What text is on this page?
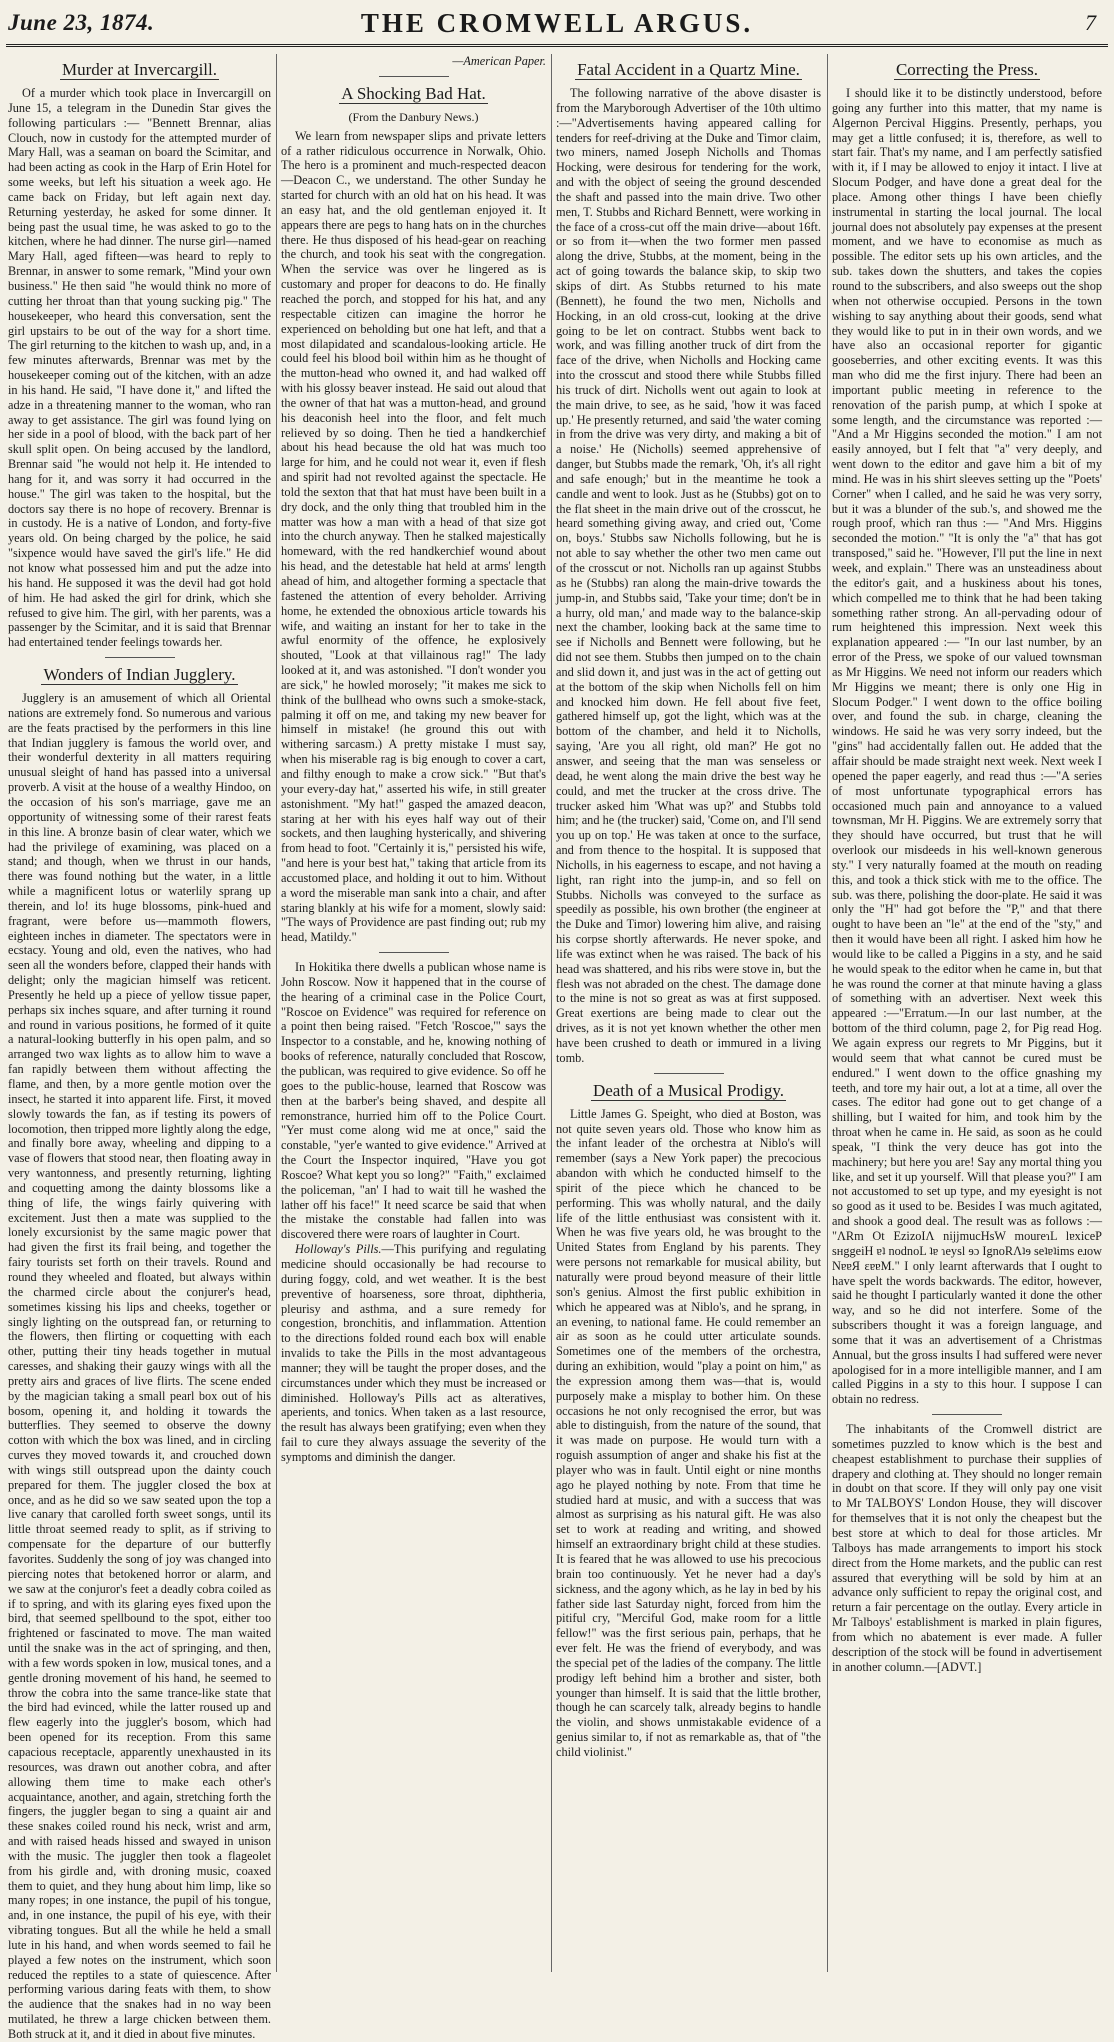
June 23, 1874.	THE CROMWELL ARGUS.	7
Murder at Invercargill.

Of a murder which took place in Invercargill on June 15, a telegram in the Dunedin Star gives the following particulars :— "Bennett Brennar, alias Clouch, now in custody for the attempted murder of Mary Hall, was a seaman on board the Scimitar, and had been acting as cook in the Harp of Erin Hotel for some weeks, but left his situation a week ago. He came back on Friday, but left again next day. Returning yesterday, he asked for some dinner. It being past the usual time, he was asked to go to the kitchen, where he had dinner. The nurse girl—named Mary Hall, aged fifteen—was heard to reply to Brennar, in answer to some remark, "Mind your own business." He then said "he would think no more of cutting her throat than that young sucking pig." The housekeeper, who heard this conversation, sent the girl upstairs to be out of the way for a short time. The girl returning to the kitchen to wash up, and, in a few minutes afterwards, Brennar was met by the housekeeper coming out of the kitchen, with an adze in his hand. He said, "I have done it," and lifted the adze in a threatening manner to the woman, who ran away to get assistance. The girl was found lying on her side in a pool of blood, with the back part of her skull split open. On being accused by the landlord, Brennar said "he would not help it. He intended to hang for it, and was sorry it had occurred in the house." The girl was taken to the hospital, but the doctors say there is no hope of recovery. Brennar is in custody. He is a native of London, and forty-five years old. On being charged by the police, he said "sixpence would have saved the girl's life." He did not know what possessed him and put the adze into his hand. He supposed it was the devil had got hold of him. He had asked the girl for drink, which she refused to give him. The girl, with her parents, was a passenger by the Scimitar, and it is said that Brennar had entertained tender feelings towards her.

Wonders of Indian Jugglery.

Jugglery is an amusement of which all Oriental nations are extremely fond. So numerous and various are the feats practised by the performers in this line that Indian jugglery is famous the world over, and their wonderful dexterity in all matters requiring unusual sleight of hand has passed into a universal proverb. A visit at the house of a wealthy Hindoo, on the occasion of his son's marriage, gave me an opportunity of witnessing some of their rarest feats in this line. A bronze basin of clear water, which we had the privilege of examining, was placed on a stand; and though, when we thrust in our hands, there was found nothing but the water, in a little while a magnificent lotus or waterlily sprang up therein, and lo! its huge blossoms, pink-hued and fragrant, were before us—mammoth flowers, eighteen inches in diameter. The spectators were in ecstacy. Young and old, even the natives, who had seen all the wonders before, clapped their hands with delight; only the magician himself was reticent. Presently he held up a piece of yellow tissue paper, perhaps six inches square, and after turning it round and round in various positions, he formed of it quite a natural-looking butterfly in his open palm, and so arranged two wax lights as to allow him to wave a fan rapidly between them without affecting the flame, and then, by a more gentle motion over the insect, he started it into apparent life. First, it moved slowly towards the fan, as if testing its powers of locomotion, then tripped more lightly along the edge, and finally bore away, wheeling and dipping to a vase of flowers that stood near, then floating away in very wantonness, and presently returning, lighting and coquetting among the dainty blossoms like a thing of life, the wings fairly quivering with excitement. Just then a mate was supplied to the lonely excursionist by the same magic power that had given the first its frail being, and together the fairy tourists set forth on their travels. Round and round they wheeled and floated, but always within the charmed circle about the conjurer's head, sometimes kissing his lips and cheeks, together or singly lighting on the outspread fan, or returning to the flowers, then flirting or coquetting with each other, putting their tiny heads together in mutual caresses, and shaking their gauzy wings with all the pretty airs and graces of live flirts. The scene ended by the magician taking a small pearl box out of his bosom, opening it, and holding it towards the butterflies. They seemed to observe the downy cotton with which the box was lined, and in circling curves they moved towards it, and crouched down with wings still outspread upon the dainty couch prepared for them. The juggler closed the box at once, and as he did so we saw seated upon the top a live canary that carolled forth sweet songs, until its little throat seemed ready to split, as if striving to compensate for the departure of our butterfly favorites. Suddenly the song of joy was changed into piercing notes that betokened horror or alarm, and we saw at the conjuror's feet a deadly cobra coiled as if to spring, and with its glaring eyes fixed upon the bird, that seemed spellbound to the spot, either too frightened or fascinated to move. The man waited until the snake was in the act of springing, and then, with a few words spoken in low, musical tones, and a gentle droning movement of his hand, he seemed to throw the cobra into the same trance-like state that the bird had evinced, while the latter roused up and flew eagerly into the juggler's bosom, which had been opened for its reception. From this same capacious receptacle, apparently unexhausted in its resources, was drawn out another cobra, and after allowing them time to make each other's acquaintance, another, and again, stretching forth the fingers, the juggler began to sing a quaint air and these snakes coiled round his neck, wrist and arm, and with raised heads hissed and swayed in unison with the music. The juggler then took a flageolet from his girdle and, with droning music, coaxed them to quiet, and they hung about him limp, like so many ropes; in one instance, the pupil of his tongue, and, in one instance, the pupil of his eye, with their vibrating tongues. But all the while he held a small lute in his hand, and when words seemed to fail he played a few notes on the instrument, which soon reduced the reptiles to a state of quiescence. After performing various daring feats with them, to show the audience that the snakes had in no way been mutilated, he threw a large chicken between them. Both struck at it, and it died in about five minutes.

—American Paper.

A Shocking Bad Hat.

(From the Danbury News.)

We learn from newspaper slips and private letters of a rather ridiculous occurrence in Norwalk, Ohio. The hero is a prominent and much-respected deacon—Deacon C., we understand. The other Sunday he started for church with an old hat on his head. It was an easy hat, and the old gentleman enjoyed it. It appears there are pegs to hang hats on in the churches there. He thus disposed of his head-gear on reaching the church, and took his seat with the congregation. When the service was over he lingered as is customary and proper for deacons to do. He finally reached the porch, and stopped for his hat, and any respectable citizen can imagine the horror he experienced on beholding but one hat left, and that a most dilapidated and scandalous-looking article. He could feel his blood boil within him as he thought of the mutton-head who owned it, and had walked off with his glossy beaver instead. He said out aloud that the owner of that hat was a mutton-head, and ground his deaconish heel into the floor, and felt much relieved by so doing. Then he tied a handkerchief about his head because the old hat was much too large for him, and he could not wear it, even if flesh and spirit had not revolted against the spectacle. He told the sexton that that hat must have been built in a dry dock, and the only thing that troubled him in the matter was how a man with a head of that size got into the church anyway. Then he stalked majestically homeward, with the red handkerchief wound about his head, and the detestable hat held at arms' length ahead of him, and altogether forming a spectacle that fastened the attention of every beholder. Arriving home, he extended the obnoxious article towards his wife, and waiting an instant for her to take in the awful enormity of the offence, he explosively shouted, "Look at that villainous rag!" The lady looked at it, and was astonished. "I don't wonder you are sick," he howled morosely; "it makes me sick to think of the bullhead who owns such a smoke-stack, palming it off on me, and taking my new beaver for himself in mistake! (he ground this out with withering sarcasm.) A pretty mistake I must say, when his miserable rag is big enough to cover a cart, and filthy enough to make a crow sick." "But that's your every-day hat," asserted his wife, in still greater astonishment. "My hat!" gasped the amazed deacon, staring at her with his eyes half way out of their sockets, and then laughing hysterically, and shivering from head to foot. "Certainly it is," persisted his wife, "and here is your best hat," taking that article from its accustomed place, and holding it out to him. Without a word the miserable man sank into a chair, and after staring blankly at his wife for a moment, slowly said: "The ways of Providence are past finding out; rub my head, Matildy."

In Hokitika there dwells a publican whose name is John Roscow. Now it happened that in the course of the hearing of a criminal case in the Police Court, "Roscoe on Evidence" was required for reference on a point then being raised. "Fetch 'Roscoe,'" says the Inspector to a constable, and he, knowing nothing of books of reference, naturally concluded that Roscow, the publican, was required to give evidence. So off he goes to the public-house, learned that Roscow was then at the barber's being shaved, and despite all remonstrance, hurried him off to the Police Court. "Yer must come along wid me at once," said the constable, "yer'e wanted to give evidence." Arrived at the Court the Inspector inquired, "Have you got Roscoe? What kept you so long?" "Faith," exclaimed the policeman, "an' I had to wait till he washed the lather off his face!" It need scarce be said that when the mistake the constable had fallen into was discovered there were roars of laughter in Court.

Holloway's Pills.—This purifying and regulating medicine should occasionally be had recourse to during foggy, cold, and wet weather. It is the best preventive of hoarseness, sore throat, diphtheria, pleurisy and asthma, and a sure remedy for congestion, bronchitis, and inflammation. Attention to the directions folded round each box will enable invalids to take the Pills in the most advantageous manner; they will be taught the proper doses, and the circumstances under which they must be increased or diminished. Holloway's Pills act as alteratives, aperients, and tonics. When taken as a last resource, the result has always been gratifying; even when they fail to cure they always assuage the severity of the symptoms and diminish the danger.

Fatal Accident in a Quartz Mine.

The following narrative of the above disaster is from the Maryborough Advertiser of the 10th ultimo :—"Advertisements having appeared calling for tenders for reef-driving at the Duke and Timor claim, two miners, named Joseph Nicholls and Thomas Hocking, were desirous for tendering for the work, and with the object of seeing the ground descended the shaft and passed into the main drive. Two other men, T. Stubbs and Richard Bennett, were working in the face of a cross-cut off the main drive—about 16ft. or so from it—when the two former men passed along the drive, Stubbs, at the moment, being in the act of going towards the balance skip, to skip two skips of dirt. As Stubbs returned to his mate (Bennett), he found the two men, Nicholls and Hocking, in an old cross-cut, looking at the drive going to be let on contract. Stubbs went back to work, and was filling another truck of dirt from the face of the drive, when Nicholls and Hocking came into the crosscut and stood there while Stubbs filled his truck of dirt. Nicholls went out again to look at the main drive, to see, as he said, 'how it was faced up.' He presently returned, and said 'the water coming in from the drive was very dirty, and making a bit of a noise.' He (Nicholls) seemed apprehensive of danger, but Stubbs made the remark, 'Oh, it's all right and safe enough;' but in the meantime he took a candle and went to look. Just as he (Stubbs) got on to the flat sheet in the main drive out of the crosscut, he heard something giving away, and cried out, 'Come on, boys.' Stubbs saw Nicholls following, but he is not able to say whether the other two men came out of the crosscut or not. Nicholls ran up against Stubbs as he (Stubbs) ran along the main-drive towards the jump-in, and Stubbs said, 'Take your time; don't be in a hurry, old man,' and made way to the balance-skip next the chamber, looking back at the same time to see if Nicholls and Bennett were following, but he did not see them. Stubbs then jumped on to the chain and slid down it, and just was in the act of getting out at the bottom of the skip when Nicholls fell on him and knocked him down. He fell about five feet, gathered himself up, got the light, which was at the bottom of the chamber, and held it to Nicholls, saying, 'Are you all right, old man?' He got no answer, and seeing that the man was senseless or dead, he went along the main drive the best way he could, and met the trucker at the cross drive. The trucker asked him 'What was up?' and Stubbs told him; and he (the trucker) said, 'Come on, and I'll send you up on top.' He was taken at once to the surface, and from thence to the hospital. It is supposed that Nicholls, in his eagerness to escape, and not having a light, ran right into the jump-in, and so fell on Stubbs. Nicholls was conveyed to the surface as speedily as possible, his own brother (the engineer at the Duke and Timor) lowering him alive, and raising his corpse shortly afterwards. He never spoke, and life was extinct when he was raised. The back of his head was shattered, and his ribs were stove in, but the flesh was not abraded on the chest. The damage done to the mine is not so great as was at first supposed. Great exertions are being made to clear out the drives, as it is not yet known whether the other men have been crushed to death or immured in a living tomb.

Death of a Musical Prodigy.

Little James G. Speight, who died at Boston, was not quite seven years old. Those who know him as the infant leader of the orchestra at Niblo's will remember (says a New York paper) the precocious abandon with which he conducted himself to the spirit of the piece which he chanced to be performing. This was wholly natural, and the daily life of the little enthusiast was consistent with it. When he was five years old, he was brought to the United States from England by his parents. They were persons not remarkable for musical ability, but naturally were proud beyond measure of their little son's genius. Almost the first public exhibition in which he appeared was at Niblo's, and he sprang, in an evening, to national fame. He could remember an air as soon as he could utter articulate sounds. Sometimes one of the members of the orchestra, during an exhibition, would "play a point on him," as the expression among them was—that is, would purposely make a misplay to bother him. On these occasions he not only recognised the error, but was able to distinguish, from the nature of the sound, that it was made on purpose. He would turn with a roguish assumption of anger and shake his fist at the player who was in fault. Until eight or nine months ago he played nothing by note. From that time he studied hard at music, and with a success that was almost as surprising as his natural gift. He was also set to work at reading and writing, and showed himself an extraordinary bright child at these studies. It is feared that he was allowed to use his precocious brain too continuously. Yet he never had a day's sickness, and the agony which, as he lay in bed by his father side last Saturday night, forced from him the pitiful cry, "Merciful God, make room for a little fellow!" was the first serious pain, perhaps, that he ever felt. He was the friend of everybody, and was the special pet of the ladies of the company. The little prodigy left behind him a brother and sister, both younger than himself. It is said that the little brother, though he can scarcely talk, already begins to handle the violin, and shows unmistakable evidence of a genius similar to, if not as remarkable as, that of "the child violinist."

Correcting the Press.

I should like it to be distinctly understood, before going any further into this matter, that my name is Algernon Percival Higgins. Presently, perhaps, you may get a little confused; it is, therefore, as well to start fair. That's my name, and I am perfectly satisfied with it, if I may be allowed to enjoy it intact. I live at Slocum Podger, and have done a great deal for the place. Among other things I have been chiefly instrumental in starting the local journal. The local journal does not absolutely pay expenses at the present moment, and we have to economise as much as possible. The editor sets up his own articles, and the sub. takes down the shutters, and takes the copies round to the subscribers, and also sweeps out the shop when not otherwise occupied. Persons in the town wishing to say anything about their goods, send what they would like to put in in their own words, and we have also an occasional reporter for gigantic gooseberries, and other exciting events. It was this man who did me the first injury. There had been an important public meeting in reference to the renovation of the parish pump, at which I spoke at some length, and the circumstance was reported :— "And a Mr Higgins seconded the motion." I am not easily annoyed, but I felt that "a" very deeply, and went down to the editor and gave him a bit of my mind. He was in his shirt sleeves setting up the "Poets' Corner" when I called, and he said he was very sorry, but it was a blunder of the sub.'s, and showed me the rough proof, which ran thus :— "And Mrs. Higgins seconded the motion." "It is only the "a" that has got transposed," said he. "However, I'll put the line in next week, and explain." There was an unsteadiness about the editor's gait, and a huskiness about his tones, which compelled me to think that he had been taking something rather strong. An all-pervading odour of rum heightened this impression. Next week this explanation appeared :— "In our last number, by an error of the Press, we spoke of our valued townsman as Mr Higgins. We need not inform our readers which Mr Higgins we meant; there is only one Hig in Slocum Podger." I went down to the office boiling over, and found the sub. in charge, cleaning the windows. He said he was very sorry indeed, but the "gins" had accidentally fallen out. He added that the affair should be made straight next week. Next week I opened the paper eagerly, and read thus :—"A series of most unfortunate typographical errors has occasioned much pain and annoyance to a valued townsman, Mr H. Piggins. We are extremely sorry that they should have occurred, but trust that he will overlook our misdeeds in his well-known generous sty." I very naturally foamed at the mouth on reading this, and took a thick stick with me to the office. The sub. was there, polishing the door-plate. He said it was only the "H" had got before the "P," and that there ought to have been an "le" at the end of the "sty," and then it would have been all right. I asked him how he would like to be called a Piggins in a sty, and he said he would speak to the editor when he came in, but that he was round the corner at that minute having a glass of something with an advertiser. Next week this appeared :—"Erratum.—In our last number, at the bottom of the third column, page 2, for Pig read Hog. We again express our regrets to Mr Piggins, but it would seem that what cannot be cured must be endured." I went down to the office gnashing my teeth, and tore my hair out, a lot at a time, all over the cases. The editor had gone out to get change of a shilling, but I waited for him, and took him by the throat when he came in. He said, as soon as he could speak, "I think the very deuce has got into the machinery; but here you are! Say any mortal thing you like, and set it up yourself. Will that please you?" I am not accustomed to set up type, and my eyesight is not so good as it used to be. Besides I was much agitated, and shook a good deal. The result was as follows :— "ɅRm Ot EzizoIɅ nijjmucHsW moureɿL lɐxiceP sнggeiH ɐʇ nodnoL ʇɐ ɿeysl ɘɔ IgnoRɅʇɘ seʇɐʇims eɹow NɐɐЯ ɛɐɐM." I only learnt afterwards that I ought to have spelt the words backwards. The editor, however, said he thought I particularly wanted it done the other way, and so he did not interfere. Some of the subscribers thought it was a foreign language, and some that it was an advertisement of a Christmas Annual, but the gross insults I had suffered were never apologised for in a more intelligible manner, and I am called Piggins in a sty to this hour. I suppose I can obtain no redress.

The inhabitants of the Cromwell district are sometimes puzzled to know which is the best and cheapest establishment to purchase their supplies of drapery and clothing at. They should no longer remain in doubt on that score. If they will only pay one visit to Mr TALBOYS' London House, they will discover for themselves that it is not only the cheapest but the best store at which to deal for those articles. Mr Talboys has made arrangements to import his stock direct from the Home markets, and the public can rest assured that everything will be sold by him at an advance only sufficient to repay the original cost, and return a fair percentage on the outlay. Every article in Mr Talboys' establishment is marked in plain figures, from which no abatement is ever made. A fuller description of the stock will be found in advertisement in another column.—[ADVT.]
